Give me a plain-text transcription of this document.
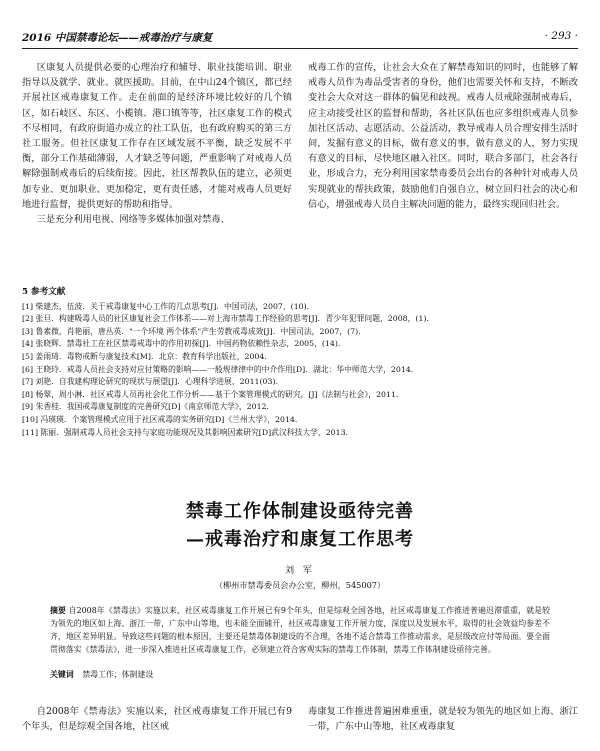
2016 中国禁毒论坛——戒毒治疗与康复	· 293 ·

区康复人员提供必要的心理治疗和辅导、职业技能培训、职业指导以及就学、就业、就医援助。目前，在中山24个镇区，都已经开展社区戒毒康复工作。走在前面的是经济环境比较好的几个镇区，如石岐区、东区、小榄镇、港口镇等等，社区康复工作的模式不尽相同，有政府街道办成立的社工队伍，也有政府购买的第三方社工服务。但社区康复工作存在区域发展不平衡，缺乏发展不平衡，部分工作基础薄弱，人才缺乏等问题，严重影响了对戒毒人员解除强制戒毒后的后续衔接。因此，社区帮教队伍的建立，必须更加专业、更加职业、更加稳定，更有责任感，才能对戒毒人员更好地进行监督，提供更好的帮助和指导。

三是充分利用电视、网络等多媒体加强对禁毒、

戒毒工作的宣传，让社会大众在了解禁毒知识的同时，也能够了解戒毒人员作为毒品受害者的身份，他们也需要关怀和支持，不断改变社会大众对这一群体的偏见和歧视。戒毒人员戒除强制戒毒后，应主动接受社区的监督和帮助，各社区队伍也应多组织戒毒人员参加社区活动、志愿活动、公益活动，教导戒毒人员合理安排生活时间，发掘有意义的目标，做有意义的事，做有意义的人，努力实现有意义的目标，尽快地区融入社区。同时，联合多部门，社会各行业，形成合力，充分利用国家禁毒委员会出台的各种针对戒毒人员实现就业的帮扶政策，鼓励他们自强自立，树立回归社会的决心和信心，增强戒毒人员自主解决问题的能力，最终实现回归社会。

5 参考文献
[1] 柴建杰，伍波．关于戒毒康复中心工作的几点思考[J]．中国司法，2007，(10)．
[2] 张旦．构建吸毒人员的社区康复社会工作体系——对上海市禁毒工作经验的思考[J]．青少年犯罪问题，2008，(1)．
[3] 鲁素微，肖艳丽，唐丛英．"一个环境 两个体系"产生劳教戒毒成效[J]．中国司法，2007，(7)．
[4] 张晓辉．禁毒社工在社区禁毒戒毒中的作用初探[J]．中国药物依赖性杂志，2005，(14)．
[5] 姜雨琦．毒物戒断与康复技术[M]．北京：教育科学出版社，2004．
[6] 王晓玲．戒毒人员社会支持对应付策略的影响——一般规律律中的中介作用[D]．湖北：华中师范大学，2014．
[7] 刘艳．自我建构理论研究的现状与展望[J]．心理科学进展，2011(03)．
[8] 杨翠，周小淋．社区戒毒人员再社会化工作分析——基于个案管理模式的研究，[J]《法制与社会》，2011．
[9] 朱香桂．我国戒毒康复制度的完善研究[D]《南京师范大学》，2012．
[10] 冯瑛瑛．个案管理模式应用于社区戒毒的实务研究[D]《兰州大学》，2014．
[11] 陈丽．强制戒毒人员社会支持与家庭功能现况及其影响因素研究[D]武汉科技大学，2013．
禁毒工作体制建设亟待完善
—戒毒治疗和康复工作思考
刘 军
（柳州市禁毒委员会办公室，柳州，545007）
摘要 自2008年《禁毒法》实施以来，社区戒毒康复工作开展已有9个年头，但是综观全国各地，社区戒毒康复工作推进普遍迟滞重重，就是较为领先的地区如上海、浙江一带，广东中山等地，也未能全面铺开，社区戒毒康复工作开展力度，深度以及发展水平，取得的社会效益均参差不齐，地区差异明显。导致这些问题的根本原因，主要还是禁毒体制建设的不合理，各地不适合禁毒工作推动需求，是层级改应付等局面。要全面贯彻落实《禁毒法》，进一步深入推进社区戒毒康复工作，必须建立符合客观实际的禁毒工作体制，禁毒工作体制建设亟待完善。
关键词 禁毒工作；体制建设

自2008年《禁毒法》实施以来，社区戒毒康复工作开展已有9个年头，但是综观全国各地，社区戒

毒康复工作推进普遍困难重重，就是较为领先的地区如上海、浙江一带，广东中山等地，社区戒毒康复
